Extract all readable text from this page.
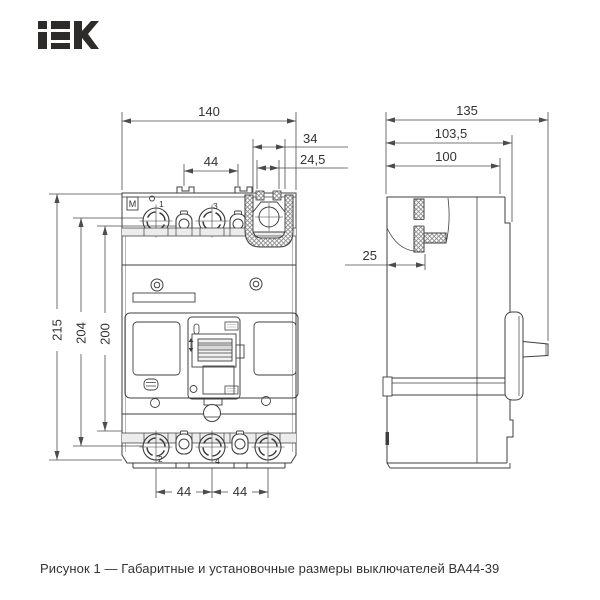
M	1	3
2	4
140
44
34
24,5
215 204 200
44	44
135
103,5
100
25
Рисунок 1 — Габаритные и установочные размеры выключателей ВА44-39
